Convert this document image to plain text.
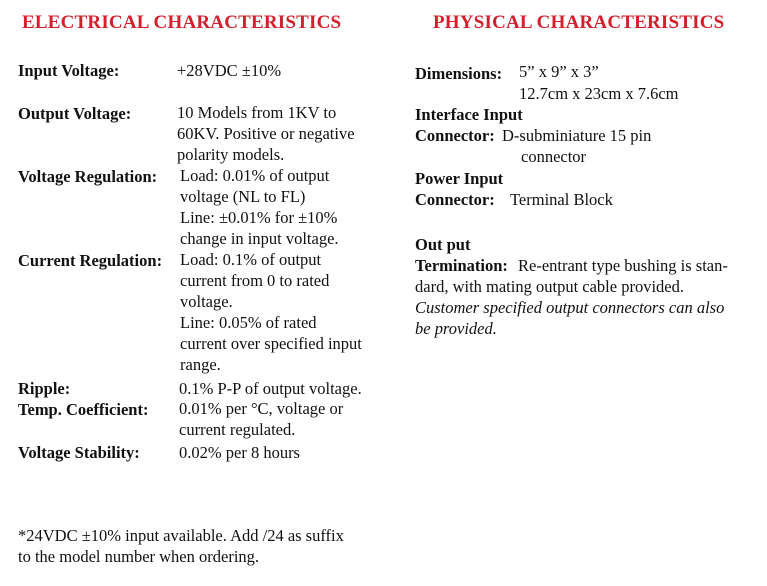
ELECTRICAL CHARACTERISTICS
Input Voltage:	+28VDC ±10%
Output Voltage:	10 Models from 1KV to
60KV. Positive or negative
polarity models.
Voltage Regulation: Load: 0.01% of output
voltage (NL to FL)
Line: ±0.01% for ±10%
change in input voltage.
Current Regulation: Load: 0.1% of output
current from 0 to rated
voltage.
Line: 0.05% of rated
current over specified input
range.
Ripple:	0.1% P-P of output voltage.
Temp. Coefficient: 0.01% per °C, voltage or
current regulated.
Voltage Stability: 0.02% per 8 hours
*24VDC ±10% input available. Add /24 as suffix
to the model number when ordering.
PHYSICAL CHARACTERISTICS
Dimensions: 5” x 9” x 3”
12.7cm x 23cm x 7.6cm
Interface Input
Connector: D-subminiature 15 pin
connector
Power Input
Connector: Terminal Block
Out put
Termination: Re-entrant type bushing is stan-
dard, with mating output cable provided.
Customer specified output connectors can also
be provided.
